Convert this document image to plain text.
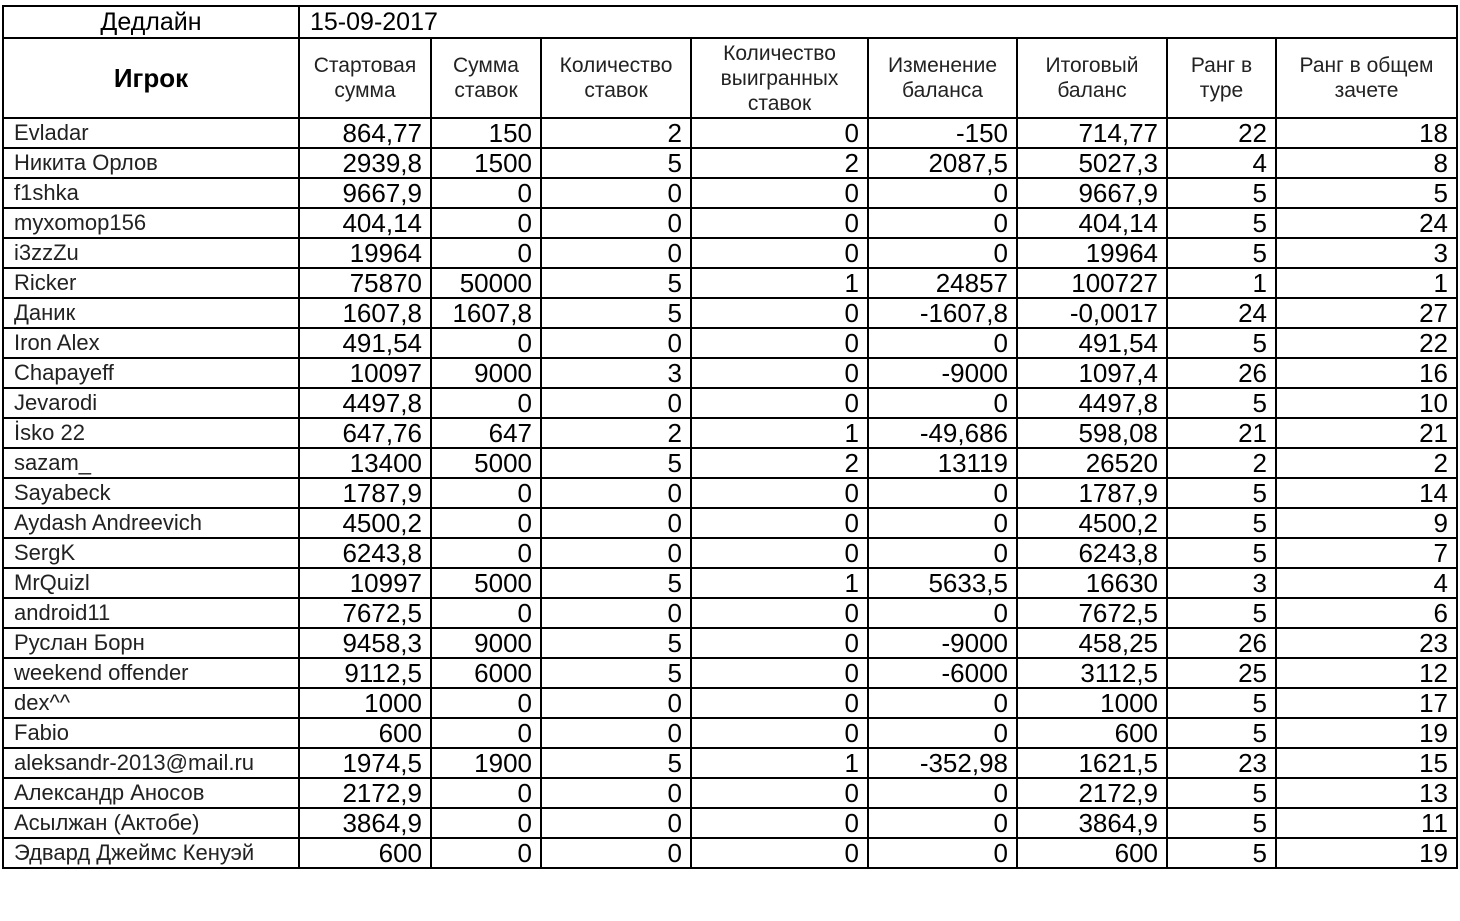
Дедлайн	15-09-2017							
Игрок	Стартовая сумма	Сумма ставок	Количество ставок	Количество выигранных ставок	Изменение баланса	Итоговый баланс	Ранг в туре	Ранг в общем зачете
Evladar	864,77	150	2	0	-150	714,77	22	18
Никита Орлов	2939,8	1500	5	2	2087,5	5027,3	4	8
f1shka	9667,9	0	0	0	0	9667,9	5	5
myxomop156	404,14	0	0	0	0	404,14	5	24
i3zzZu	19964	0	0	0	0	19964	5	3
Ricker	75870	50000	5	1	24857	100727	1	1
Даник	1607,8	1607,8	5	0	-1607,8	-0,0017	24	27
Iron Alex	491,54	0	0	0	0	491,54	5	22
Chapayeff	10097	9000	3	0	-9000	1097,4	26	16
Jevarodi	4497,8	0	0	0	0	4497,8	5	10
İsko 22	647,76	647	2	1	-49,686	598,08	21	21
sazam_	13400	5000	5	2	13119	26520	2	2
Sayabeck	1787,9	0	0	0	0	1787,9	5	14
Aydash Andreevich	4500,2	0	0	0	0	4500,2	5	9
SergK	6243,8	0	0	0	0	6243,8	5	7
MrQuizl	10997	5000	5	1	5633,5	16630	3	4
android11	7672,5	0	0	0	0	7672,5	5	6
Руслан Борн	9458,3	9000	5	0	-9000	458,25	26	23
weekend offender	9112,5	6000	5	0	-6000	3112,5	25	12
dex^^	1000	0	0	0	0	1000	5	17
Fabio	600	0	0	0	0	600	5	19
aleksandr-2013@mail.ru	1974,5	1900	5	1	-352,98	1621,5	23	15
Александр Аносов	2172,9	0	0	0	0	2172,9	5	13
Асылжан (Актобе)	3864,9	0	0	0	0	3864,9	5	11
Эдвард Джеймс Кенуэй	600	0	0	0	0	600	5	19
